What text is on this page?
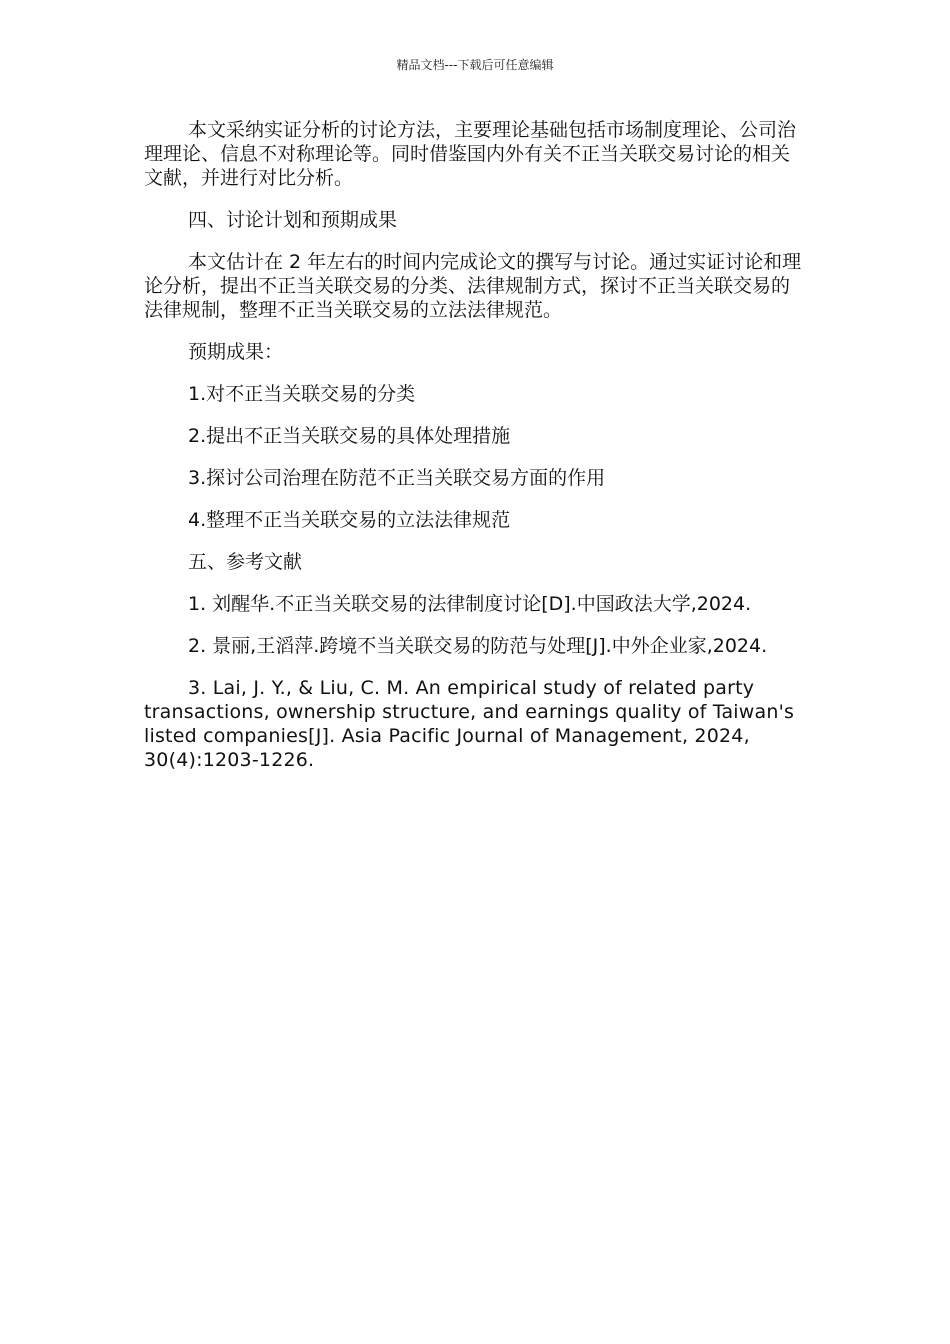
精品文档---下载后可任意编辑

本文采纳实证分析的讨论方法，主要理论基础包括市场制度理论、公司治理理论、信息不对称理论等。同时借鉴国内外有关不正当关联交易讨论的相关文献，并进行对比分析。

四、讨论计划和预期成果

本文估计在 2 年左右的时间内完成论文的撰写与讨论。通过实证讨论和理论分析，提出不正当关联交易的分类、法律规制方式，探讨不正当关联交易的法律规制，整理不正当关联交易的立法法律规范。

预期成果：

1.对不正当关联交易的分类

2.提出不正当关联交易的具体处理措施

3.探讨公司治理在防范不正当关联交易方面的作用

4.整理不正当关联交易的立法法律规范

五、参考文献

1. 刘醒华.不正当关联交易的法律制度讨论[D].中国政法大学,2024.

2. 景丽,王滔萍.跨境不当关联交易的防范与处理[J].中外企业家,2024.

3. Lai, J. Y., & Liu, C. M. An empirical study of related party transactions, ownership structure, and earnings quality of Taiwan's listed companies[J]. Asia Pacific Journal of Management, 2024, 30(4):1203-1226.
